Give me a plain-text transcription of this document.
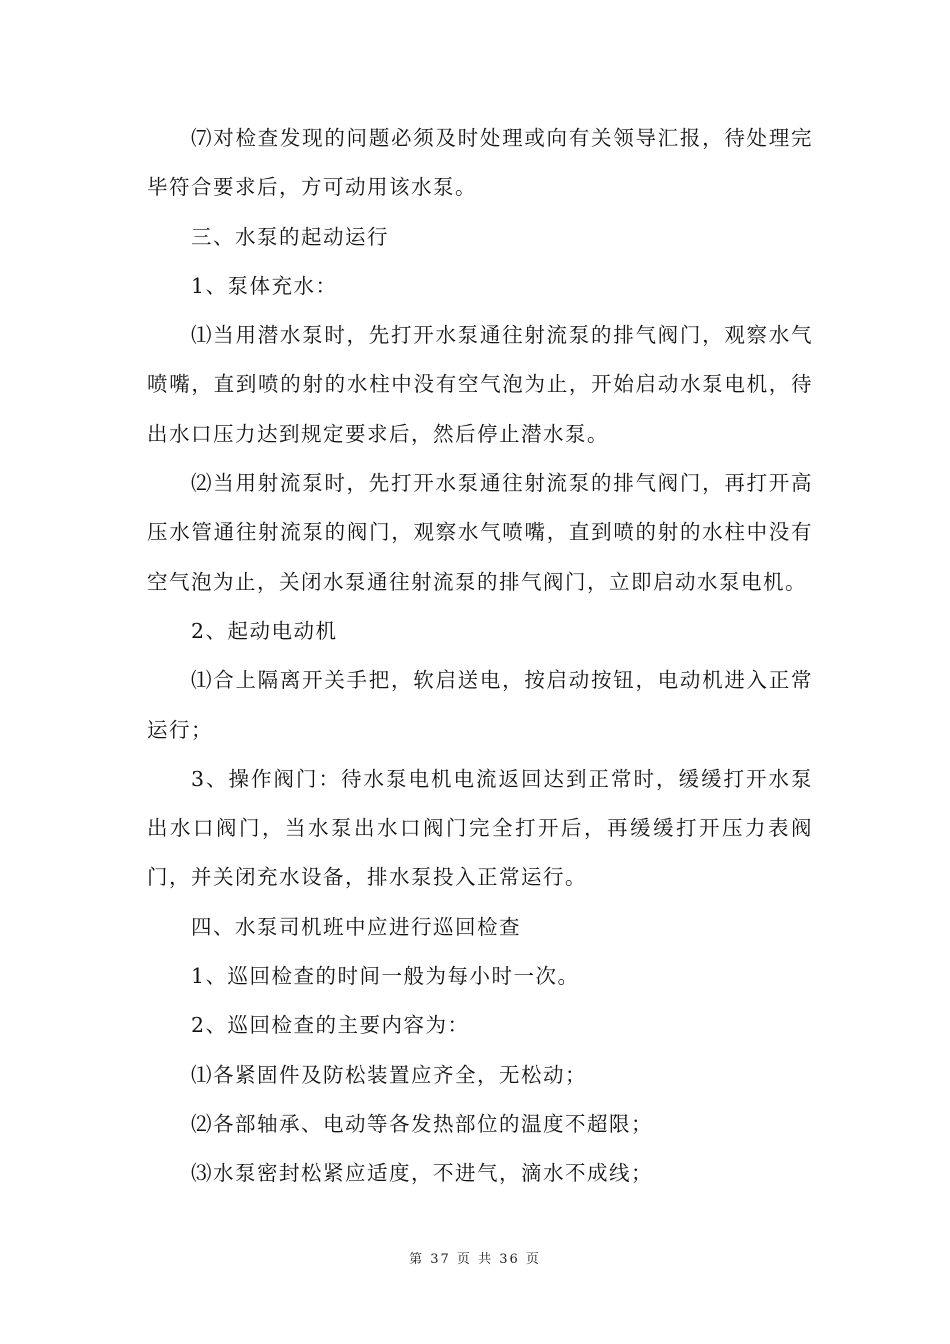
⑺对检查发现的问题必须及时处理或向有关领导汇报，待处理完毕符合要求后，方可动用该水泵。

三、水泵的起动运行

1、泵体充水：

⑴当用潜水泵时，先打开水泵通往射流泵的排气阀门，观察水气喷嘴，直到喷的射的水柱中没有空气泡为止，开始启动水泵电机，待出水口压力达到规定要求后，然后停止潜水泵。

⑵当用射流泵时，先打开水泵通往射流泵的排气阀门，再打开高压水管通往射流泵的阀门，观察水气喷嘴，直到喷的射的水柱中没有空气泡为止，关闭水泵通往射流泵的排气阀门，立即启动水泵电机。

2、起动电动机

⑴合上隔离开关手把，软启送电，按启动按钮，电动机进入正常运行；

3、操作阀门：待水泵电机电流返回达到正常时，缓缓打开水泵出水口阀门，当水泵出水口阀门完全打开后，再缓缓打开压力表阀门，并关闭充水设备，排水泵投入正常运行。

四、水泵司机班中应进行巡回检查

1、巡回检查的时间一般为每小时一次。

2、巡回检查的主要内容为：

⑴各紧固件及防松装置应齐全，无松动；

⑵各部轴承、电动等各发热部位的温度不超限；

⑶水泵密封松紧应适度，不进气，滴水不成线；

第 37 页 共 36 页
